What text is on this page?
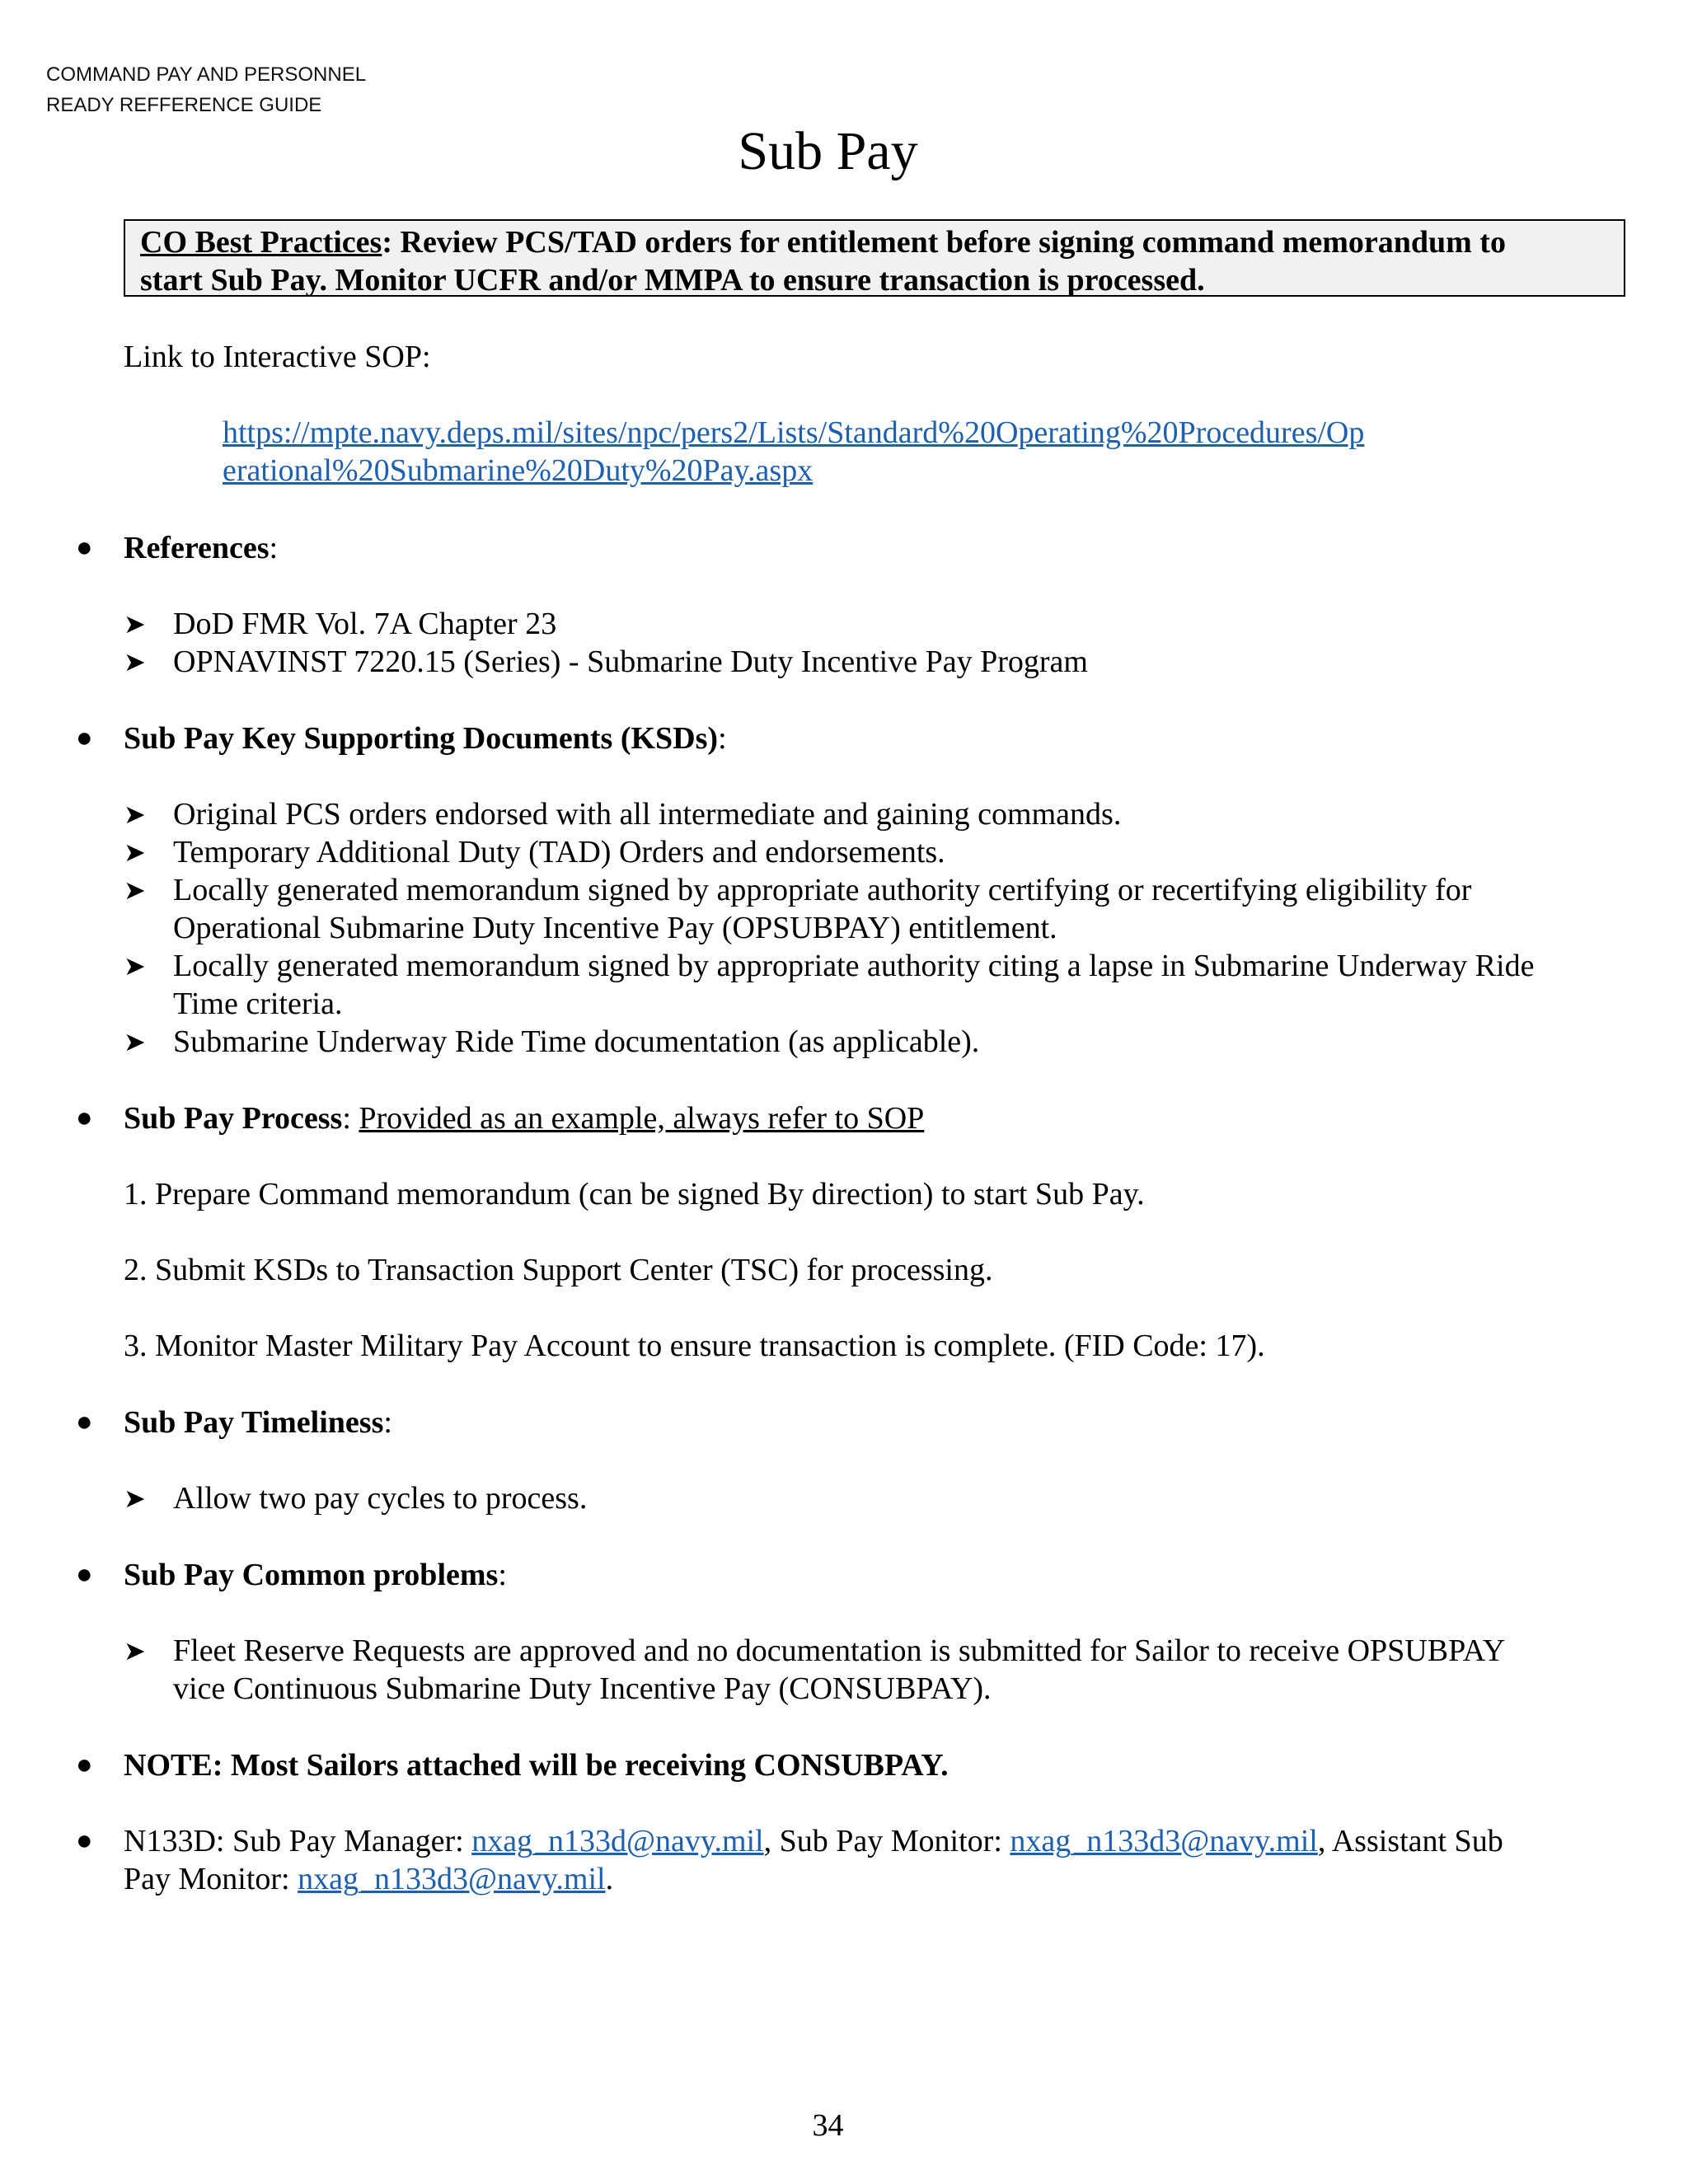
COMMAND PAY AND PERSONNEL
READY REFFERENCE GUIDE
Sub Pay
CO Best Practices: Review PCS/TAD orders for entitlement before signing command memorandum to
start Sub Pay. Monitor UCFR and/or MMPA to ensure transaction is processed.
Link to Interactive SOP:
https://mpte.navy.deps.mil/sites/npc/pers2/Lists/Standard%20Operating%20Procedures/Op
erational%20Submarine%20Duty%20Pay.aspx
● References:
➤ DoD FMR Vol. 7A Chapter 23
➤ OPNAVINST 7220.15 (Series) - Submarine Duty Incentive Pay Program
● Sub Pay Key Supporting Documents (KSDs):
➤ Original PCS orders endorsed with all intermediate and gaining commands.
➤ Temporary Additional Duty (TAD) Orders and endorsements.
➤ Locally generated memorandum signed by appropriate authority certifying or recertifying eligibility for
Operational Submarine Duty Incentive Pay (OPSUBPAY) entitlement.
➤ Locally generated memorandum signed by appropriate authority citing a lapse in Submarine Underway Ride
Time criteria.
➤ Submarine Underway Ride Time documentation (as applicable).
● Sub Pay Process: Provided as an example, always refer to SOP
1. Prepare Command memorandum (can be signed By direction) to start Sub Pay.
2. Submit KSDs to Transaction Support Center (TSC) for processing.
3. Monitor Master Military Pay Account to ensure transaction is complete. (FID Code: 17).
● Sub Pay Timeliness:
➤ Allow two pay cycles to process.
● Sub Pay Common problems:
➤ Fleet Reserve Requests are approved and no documentation is submitted for Sailor to receive OPSUBPAY
vice Continuous Submarine Duty Incentive Pay (CONSUBPAY).
● NOTE: Most Sailors attached will be receiving CONSUBPAY.
● N133D: Sub Pay Manager: nxag_n133d@navy.mil, Sub Pay Monitor: nxag_n133d3@navy.mil, Assistant Sub
Pay Monitor: nxag_n133d3@navy.mil.
34
